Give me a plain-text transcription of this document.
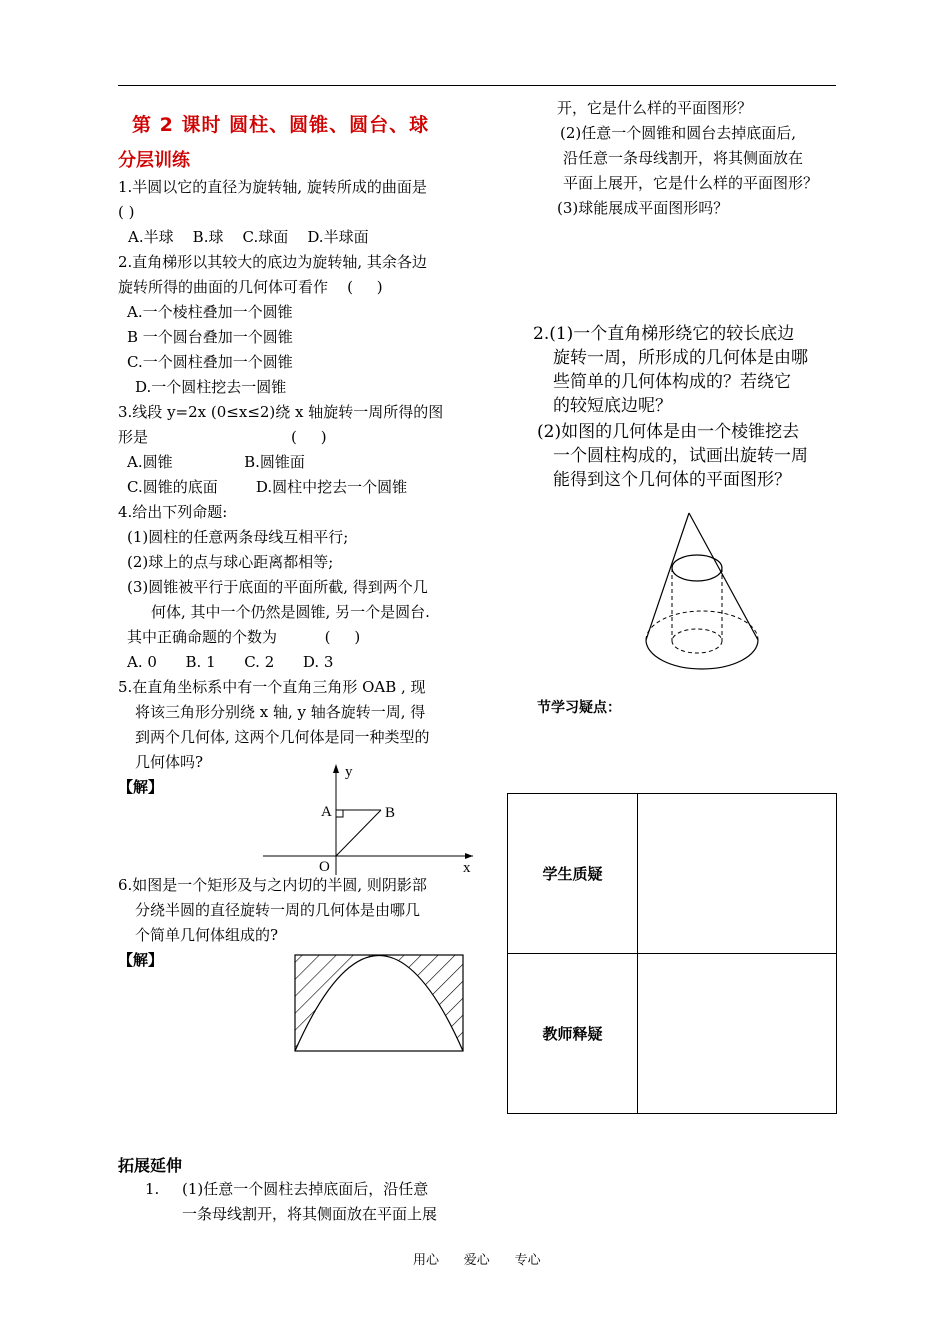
第 2 课时 圆柱、圆锥、圆台、球
分层训练
1.半圆以它的直径为旋转轴, 旋转所成的曲面是
( )
A.半球    B.球    C.球面    D.半球面
2.直角梯形以其较大的底边为旋转轴, 其余各边
旋转所得的曲面的几何体可看作    (     )
A.一个棱柱叠加一个圆锥
B 一个圆台叠加一个圆锥
C.一个圆柱叠加一个圆锥
D.一个圆柱挖去一圆锥
3.线段 y=2x (0≤x≤2)绕 x 轴旋转一周所得的图
形是                              (     )
A.圆锥               B.圆锥面
C.圆锥的底面        D.圆柱中挖去一个圆锥
4.给出下列命题:
(1)圆柱的任意两条母线互相平行;
(2)球上的点与球心距离都相等;
(3)圆锥被平行于底面的平面所截, 得到两个几
何体, 其中一个仍然是圆锥, 另一个是圆台.
其中正确命题的个数为          (     )
A. 0      B. 1      C. 2      D. 3
5.在直角坐标系中有一个直角三角形 OAB , 现
将该三角形分别绕 x 轴, y 轴各旋转一周, 得
到两个几何体, 这两个几何体是同一种类型的
几何体吗?
【解】
y
x
A	B
O
6.如图是一个矩形及与之内切的半圆, 则阴影部
分绕半圆的直径旋转一周的几何体是由哪几
个简单几何体组成的?
【解】
拓展延伸
1. (1)任意一个圆柱去掉底面后，沿任意
一条母线割开，将其侧面放在平面上展
开，它是什么样的平面图形？
(2)任意一个圆锥和圆台去掉底面后,
沿任意一条母线割开，将其侧面放在
平面上展开，它是什么样的平面图形？
(3)球能展成平面图形吗？
2.(1)一个直角梯形绕它的较长底边
旋转一周，所形成的几何体是由哪
些简单的几何体构成的？若绕它
的较短底边呢？
(2)如图的几何体是由一个棱锥挖去
一个圆柱构成的，试画出旋转一周
能得到这个几何体的平面图形？
节学习疑点：
学生质疑	
教师释疑	
用心      爱心      专心
